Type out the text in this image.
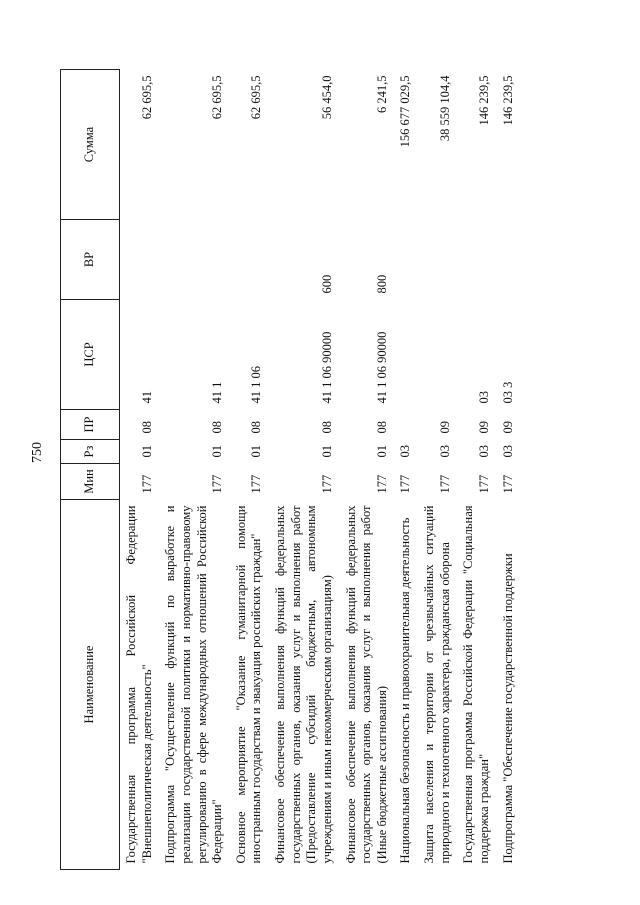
750
Наименование	Мин	Рз	ПР	ЦСР	ВР	Сумма
Государственная программа Российской Федерации "Внешнеполитическая деятельность"	177	01	08	41		62 695,5
Подпрограмма "Осуществление функций по выработке и реализации государственной политики и нормативно-правовому регулированию в сфере международных отношений Российской Федерации"	177	01	08	41 1		62 695,5
Основное мероприятие "Оказание гуманитарной помощи иностранным государствам и эвакуация российских граждан"	177	01	08	41 1 06		62 695,5
Финансовое обеспечение выполнения функций федеральных государственных органов, оказания услуг и выполнения работ (Предоставление субсидий бюджетным, автономным учреждениям и иным некоммерческим организациям)	177	01	08	41 1 06 90000	600	56 454,0
Финансовое обеспечение выполнения функций федеральных государственных органов, оказания услуг и выполнения работ (Иные бюджетные ассигнования)	177	01	08	41 1 06 90000	800	6 241,5
Национальная безопасность и правоохранительная деятельность	177	03				156 677 029,5
Защита населения и территории от чрезвычайных ситуаций природного и техногенного характера, гражданская оборона	177	03	09			38 559 104,4
Государственная программа Российской Федерации "Социальная поддержка граждан"	177	03	09	03		146 239,5
Подпрограмма "Обеспечение государственной поддержки	177	03	09	03 3		146 239,5
